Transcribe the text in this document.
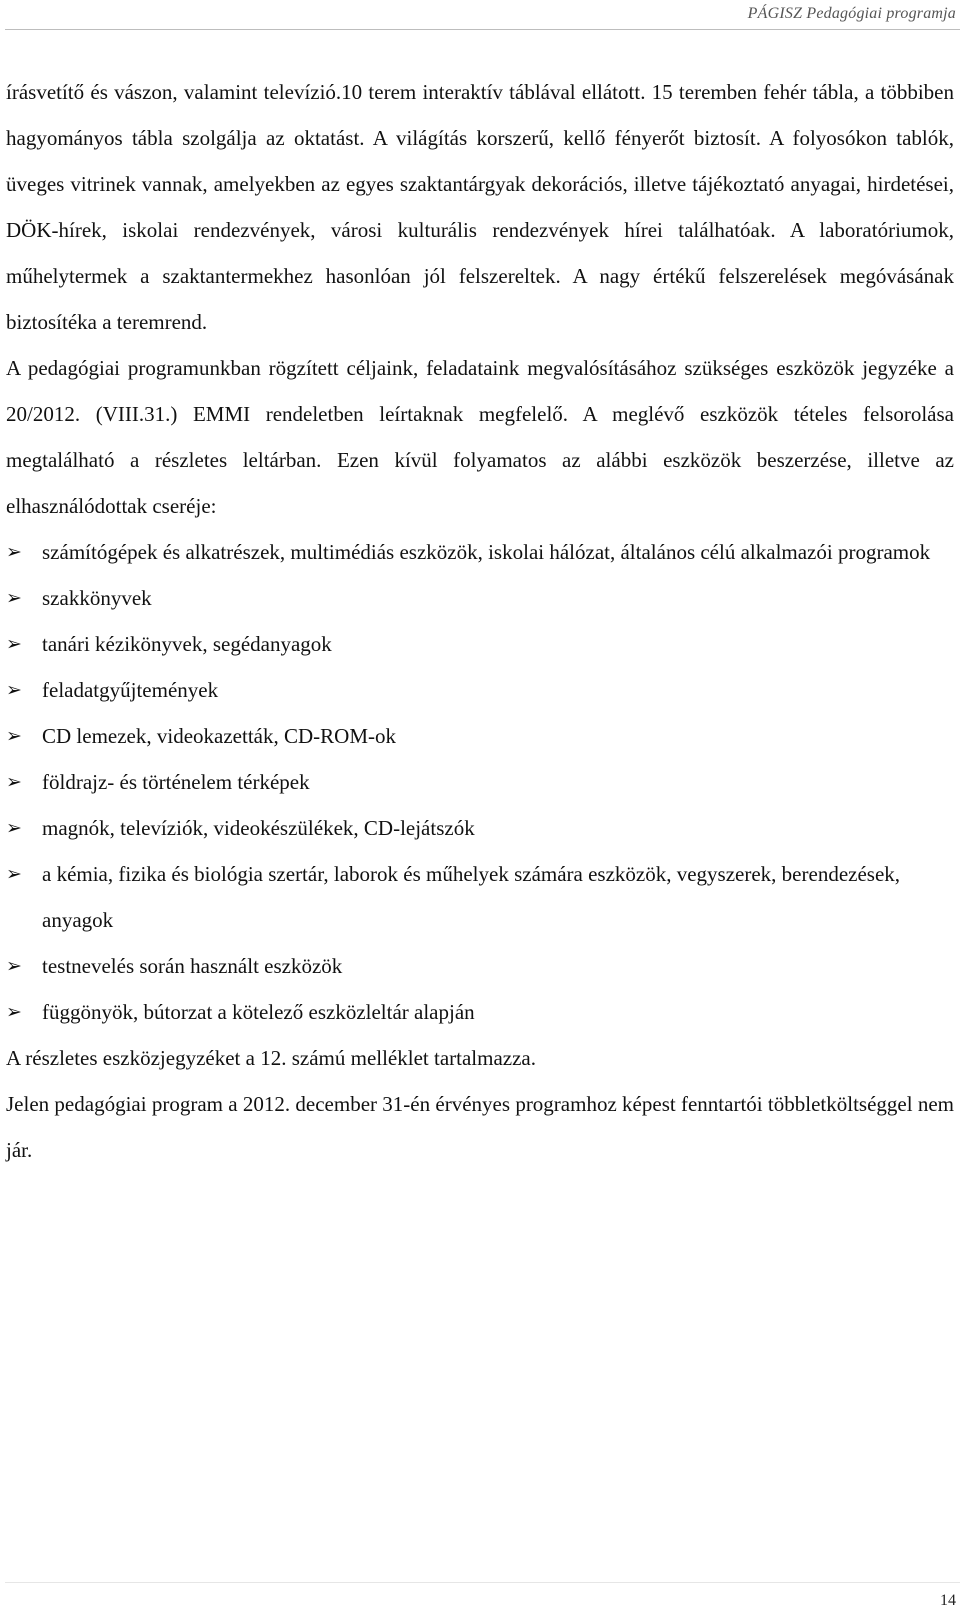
PÁGISZ Pedagógiai programja

írásvetítő és vászon, valamint televízió.10 terem interaktív táblával ellátott. 15 teremben fehér tábla, a többiben hagyományos tábla szolgálja az oktatást. A világítás korszerű, kellő fényerőt biztosít. A folyosókon tablók, üveges vitrinek vannak, amelyekben az egyes szaktantárgyak dekorációs, illetve tájékoztató anyagai, hirdetései, DÖK-hírek, iskolai rendezvények, városi kulturális rendezvények hírei találhatóak. A laboratóriumok, műhelytermek a szaktantermekhez hasonlóan jól felszereltek. A nagy értékű felszerelések megóvásának biztosítéka a teremrend.

A pedagógiai programunkban rögzített céljaink, feladataink megvalósításához szükséges eszközök jegyzéke a 20/2012. (VIII.31.) EMMI rendeletben leírtaknak megfelelő. A meglévő eszközök tételes felsorolása megtalálható a részletes leltárban. Ezen kívül folyamatos az alábbi eszközök beszerzése, illetve az elhasználódottak cseréje:

➢ számítógépek és alkatrészek, multimédiás eszközök, iskolai hálózat, általános célú alkalmazói programok
➢ szakkönyvek
➢ tanári kézikönyvek, segédanyagok
➢ feladatgyűjtemények
➢ CD lemezek, videokazetták, CD-ROM-ok
➢ földrajz- és történelem térképek
➢ magnók, televíziók, videokészülékek, CD-lejátszók
➢ a kémia, fizika és biológia szertár, laborok és műhelyek számára eszközök, vegyszerek, berendezések, anyagok
➢ testnevelés során használt eszközök
➢ függönyök, bútorzat a kötelező eszközleltár alapján

A részletes eszközjegyzéket a 12. számú melléklet tartalmazza.

Jelen pedagógiai program a 2012. december 31-én érvényes programhoz képest fenntartói többletköltséggel nem jár.

14
